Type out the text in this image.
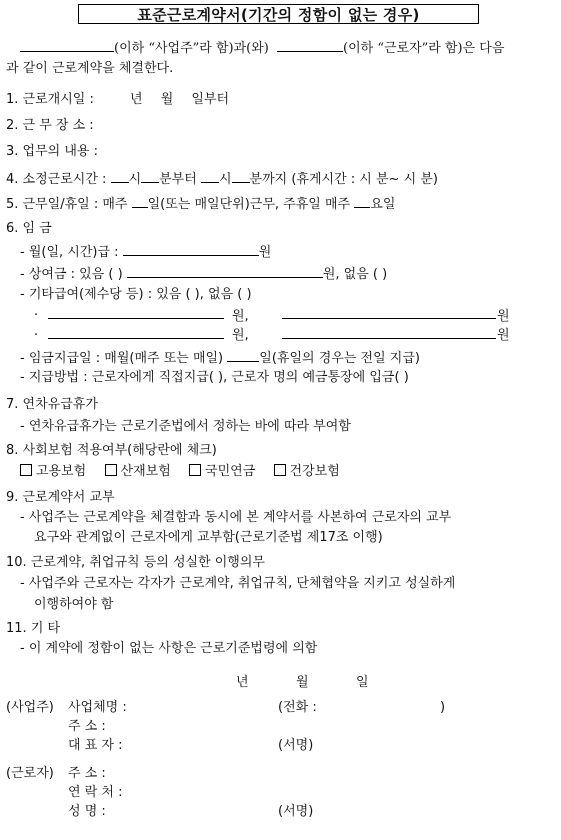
표준근로계약서(기간의 정함이 없는 경우)
(이하 “사업주”라 함)과(와)	(이하 “근로자”라 함)은 다음
과 같이 근로계약을 체결한다.
1. 근로개시일 :	년 월 일부터
2. 근 무 장 소 :
3. 업무의 내용 :
4. 소정근로시간 : 시 분부터 시 분까지 (휴게시간 : 시 분~ 시 분)
5. 근무일/휴일 : 매주 일(또는 매일단위)근무, 주휴일 매주 요일
6. 임 금
- 월(일, 시간)급 :	원
- 상여금 : 있음 ( )	원, 없음 ( )
- 기타급여(제수당 등) : 있음 ( ), 없음 ( )
·	원,	원
·	원,	원
- 임금지급일 : 매월(매주 또는 매일)	일(휴일의 경우는 전일 지급)
- 지급방법 : 근로자에게 직접지급( ), 근로자 명의 예금통장에 입금( )
7. 연차유급휴가
- 연차유급휴가는 근로기준법에서 정하는 바에 따라 부여함
8. 사회보험 적용여부(해당란에 체크)
고용보험	산재보험	국민연금	건강보험
9. 근로계약서 교부
- 사업주는 근로계약을 체결함과 동시에 본 계약서를 사본하여 근로자의 교부
요구와 관계없이 근로자에게 교부함(근로기준법 제17조 이행)
10. 근로계약, 취업규칙 등의 성실한 이행의무
- 사업주와 근로자는 각자가 근로계약, 취업규칙, 단체협약을 지키고 성실하게
이행하여야 함
11. 기 타
- 이 계약에 정함이 없는 사항은 근로기준법령에 의함
년	월	일
(사업주) 사업체명 :	(전화 :	)
주 소 :
대 표 자 :	(서명)
(근로자) 주 소 :
연 락 처 :
성 명 :	(서명)
